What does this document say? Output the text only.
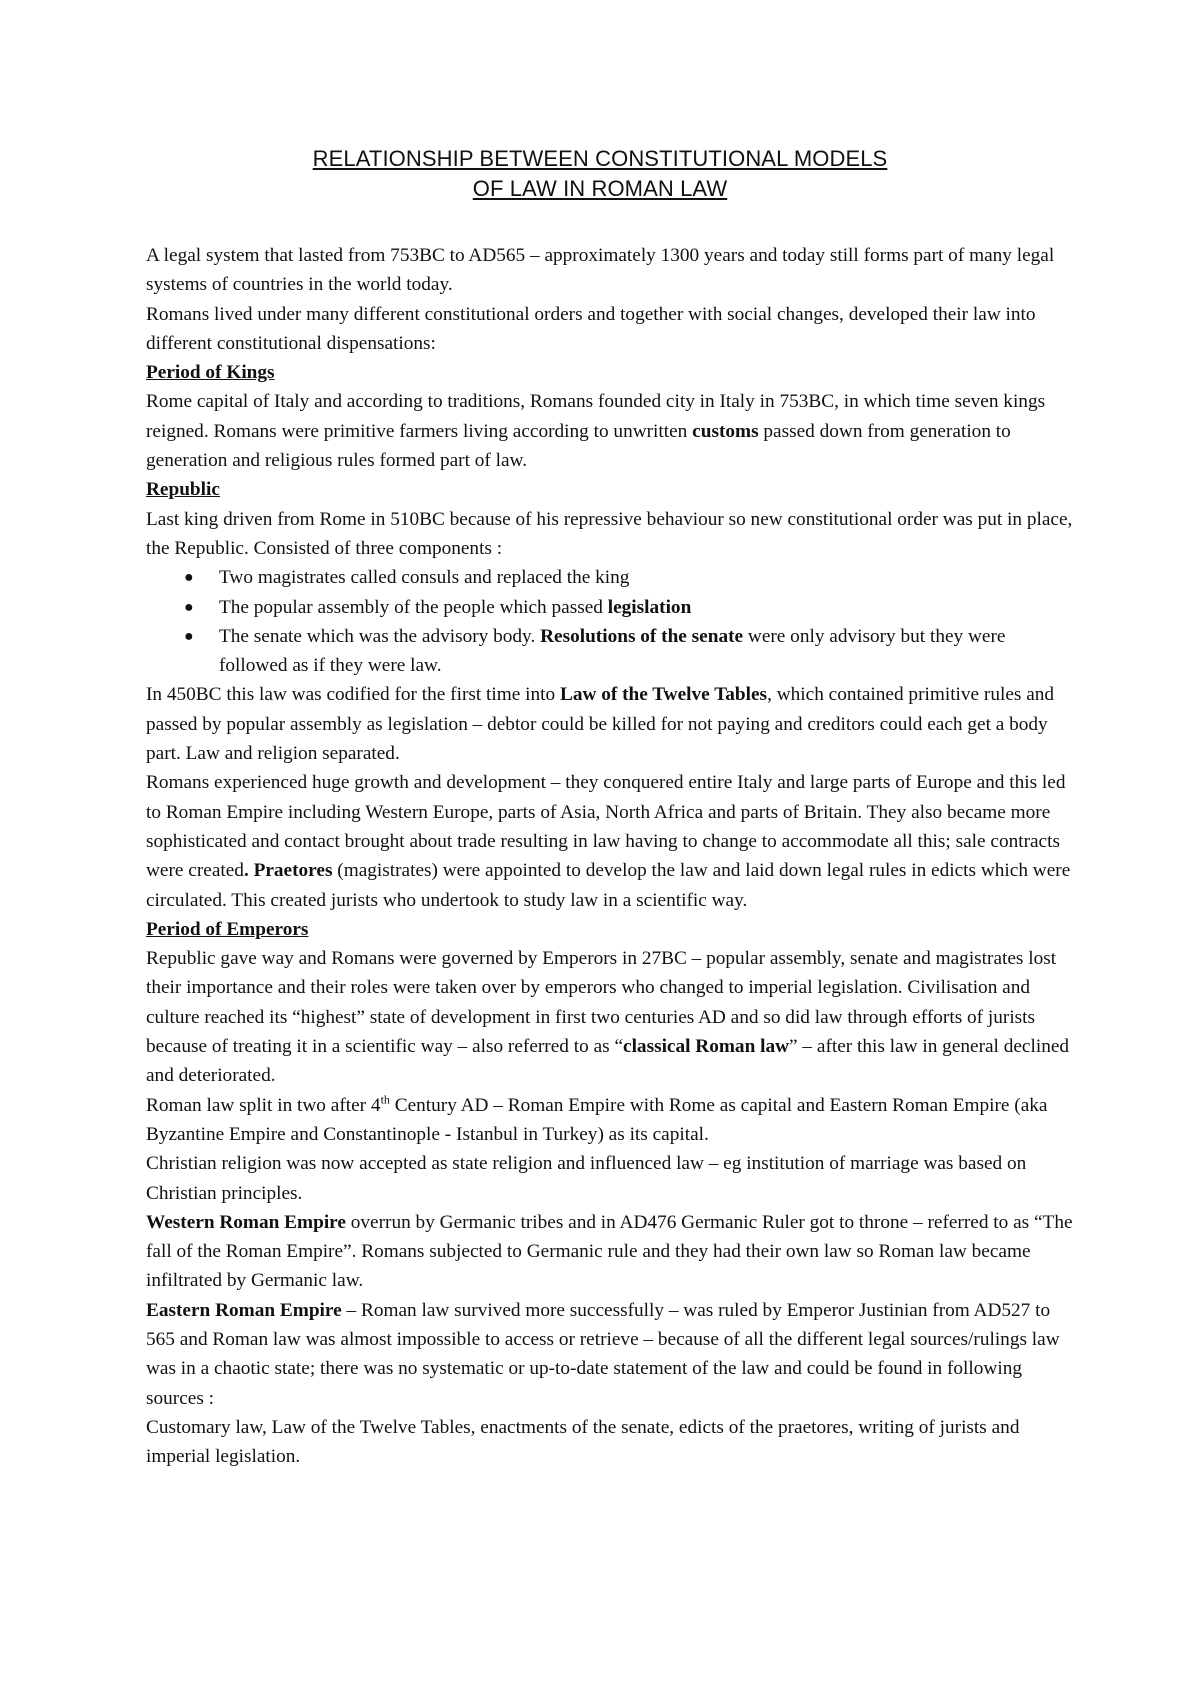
RELATIONSHIP BETWEEN CONSTITUTIONAL MODELS
OF LAW IN ROMAN LAW

A legal system that lasted from 753BC to AD565 – approximately 1300 years and today still forms part of many legal systems of countries in the world today.

Romans lived under many different constitutional orders and together with social changes, developed their law into different constitutional dispensations:

Period of Kings

Rome capital of Italy and according to traditions, Romans founded city in Italy in 753BC, in which time seven kings reigned. Romans were primitive farmers living according to unwritten customs passed down from generation to generation and religious rules formed part of law.

Republic

Last king driven from Rome in 510BC because of his repressive behaviour so new constitutional order was put in place, the Republic. Consisted of three components :

● Two magistrates called consuls and replaced the king
● The popular assembly of the people which passed legislation
● The senate which was the advisory body. Resolutions of the senate were only advisory but they were followed as if they were law.

In 450BC this law was codified for the first time into Law of the Twelve Tables, which contained primitive rules and passed by popular assembly as legislation – debtor could be killed for not paying and creditors could each get a body part. Law and religion separated.

Romans experienced huge growth and development – they conquered entire Italy and large parts of Europe and this led to Roman Empire including Western Europe, parts of Asia, North Africa and parts of Britain. They also became more sophisticated and contact brought about trade resulting in law having to change to accommodate all this; sale contracts were created. Praetores (magistrates) were appointed to develop the law and laid down legal rules in edicts which were circulated. This created jurists who undertook to study law in a scientific way.

Period of Emperors

Republic gave way and Romans were governed by Emperors in 27BC – popular assembly, senate and magistrates lost their importance and their roles were taken over by emperors who changed to imperial legislation. Civilisation and culture reached its “highest” state of development in first two centuries AD and so did law through efforts of jurists because of treating it in a scientific way – also referred to as “classical Roman law” – after this law in general declined and deteriorated.

Roman law split in two after 4th Century AD – Roman Empire with Rome as capital and Eastern Roman Empire (aka Byzantine Empire and Constantinople - Istanbul in Turkey) as its capital.

Christian religion was now accepted as state religion and influenced law – eg institution of marriage was based on Christian principles.

Western Roman Empire overrun by Germanic tribes and in AD476 Germanic Ruler got to throne – referred to as “The fall of the Roman Empire”. Romans subjected to Germanic rule and they had their own law so Roman law became infiltrated by Germanic law.

Eastern Roman Empire – Roman law survived more successfully – was ruled by Emperor Justinian from AD527 to 565 and Roman law was almost impossible to access or retrieve – because of all the different legal sources/rulings law was in a chaotic state; there was no systematic or up-to-date statement of the law and could be found in following sources :

Customary law, Law of the Twelve Tables, enactments of the senate, edicts of the praetores, writing of jurists and imperial legislation.
